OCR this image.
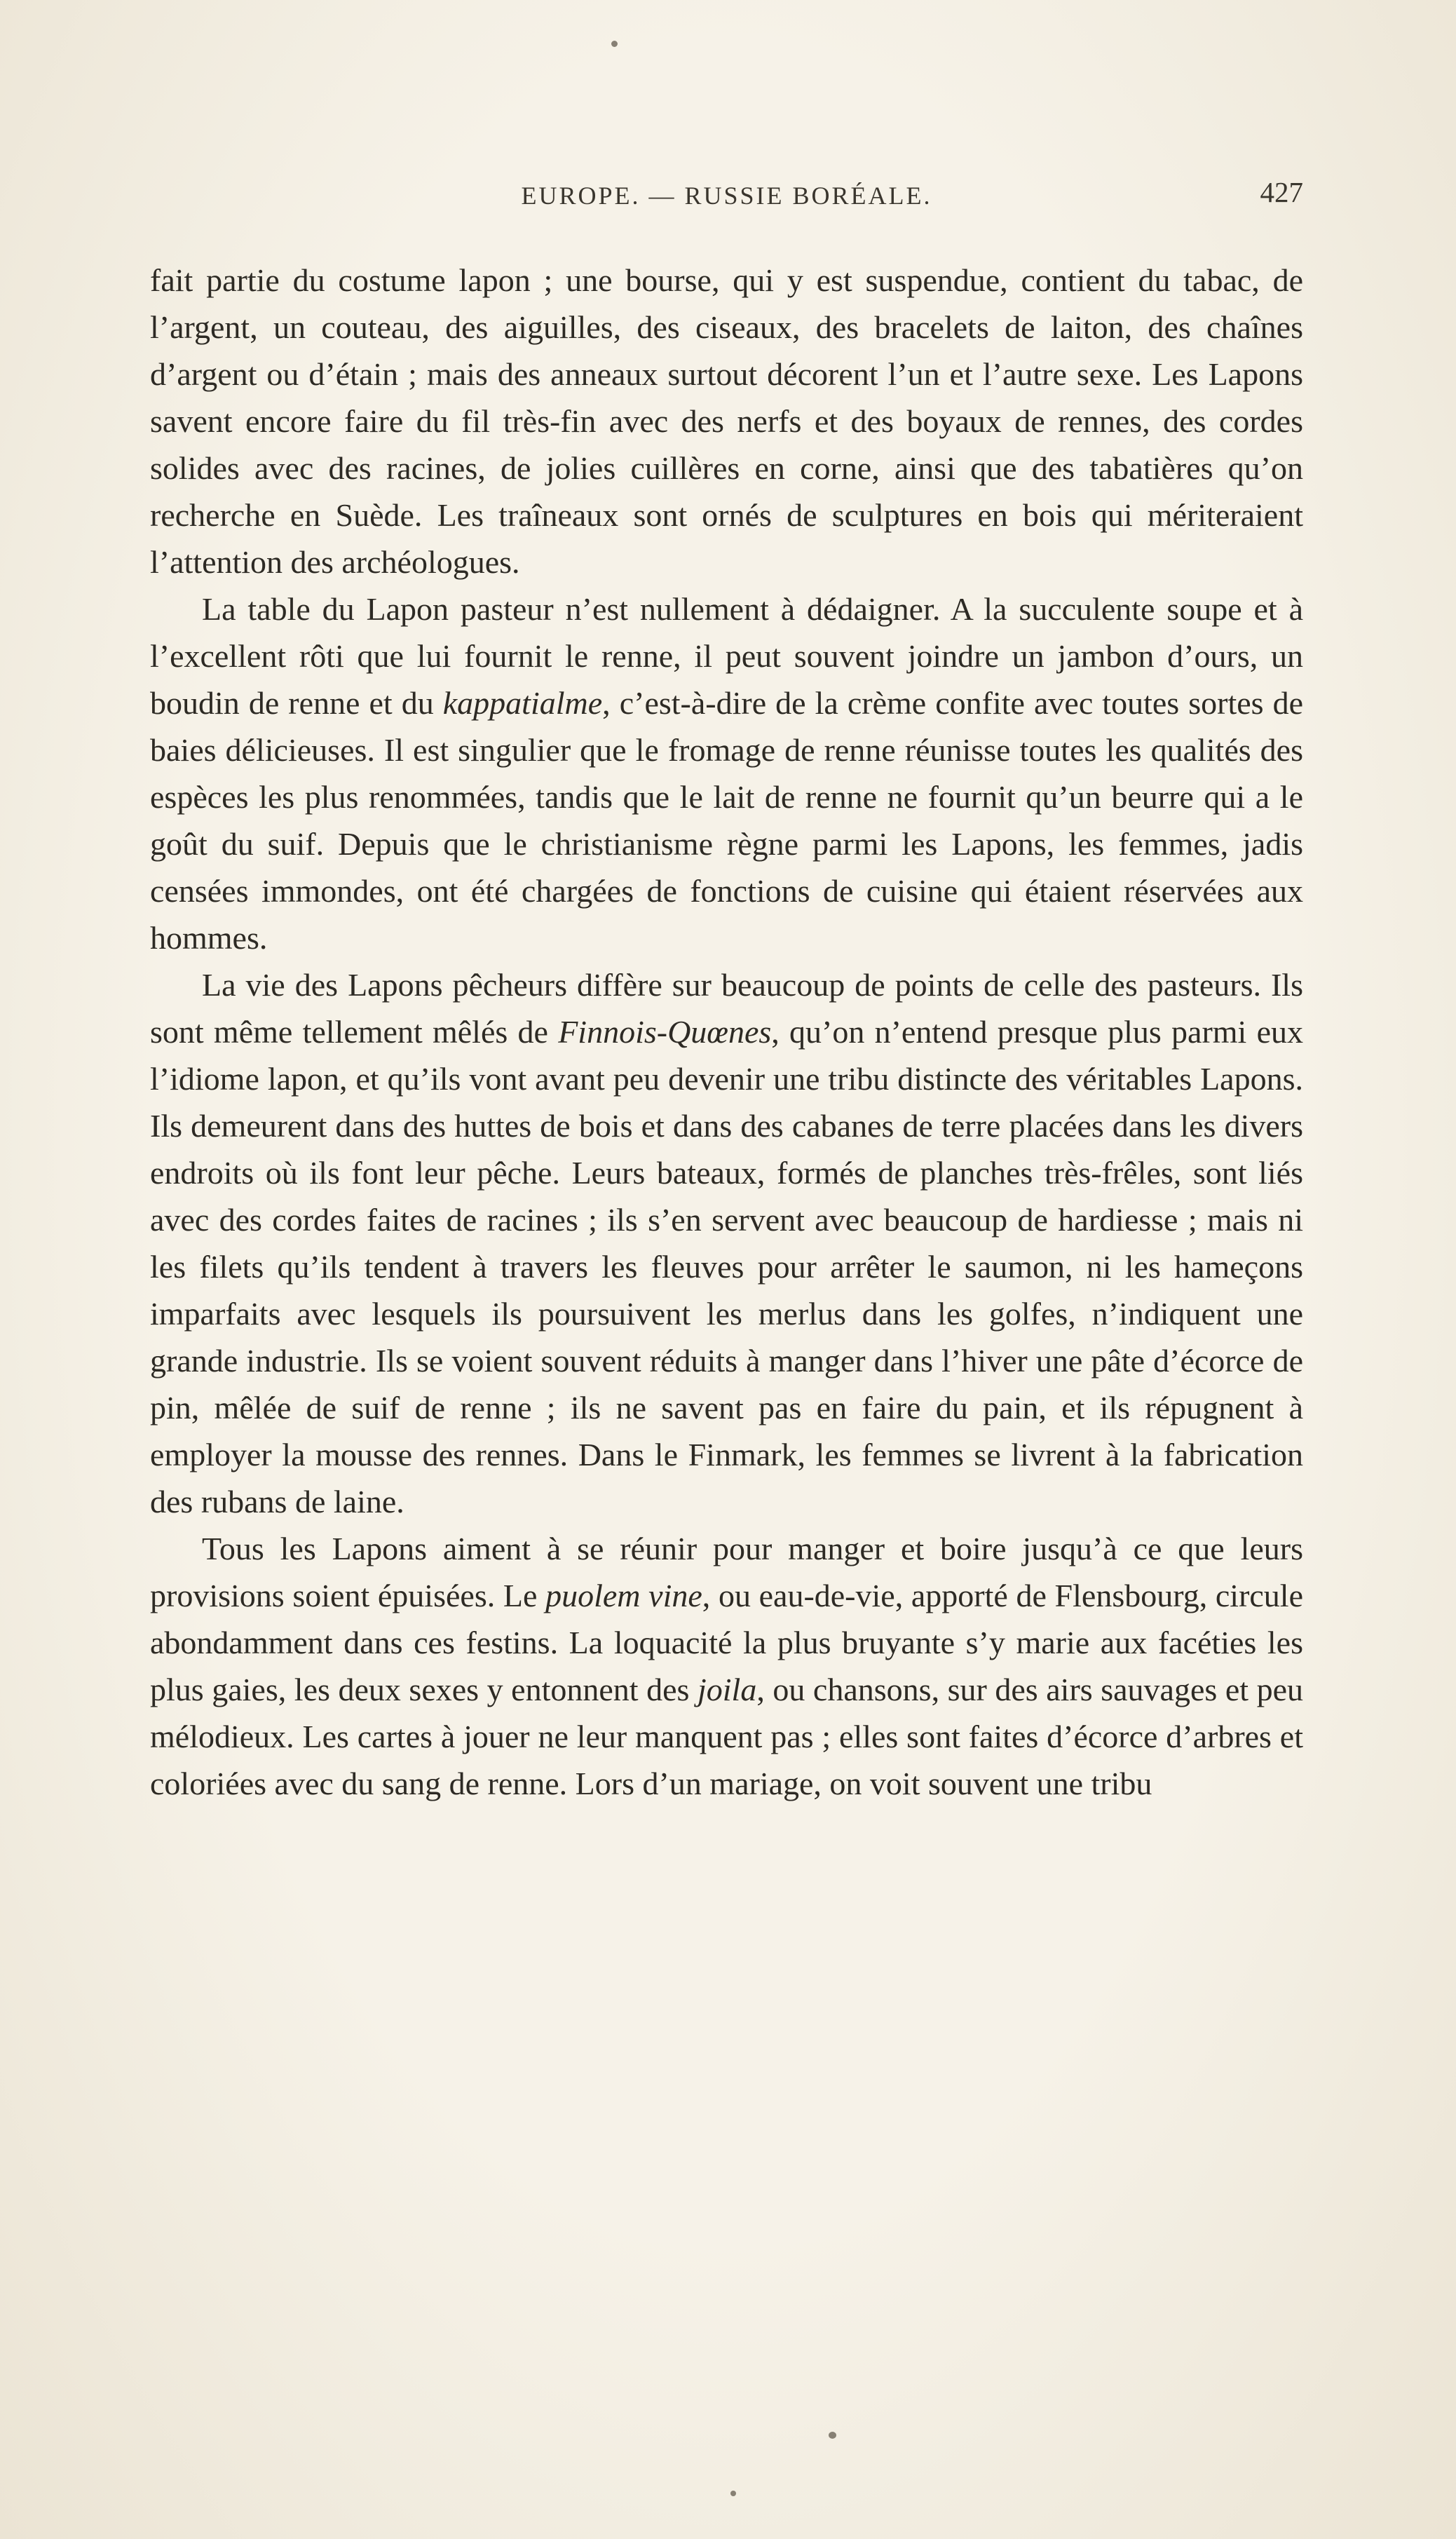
EUROPE. — RUSSIE BORÉALE.	427

fait partie du costume lapon ; une bourse, qui y est suspendue, contient du tabac, de l’argent, un couteau, des aiguilles, des ciseaux, des bracelets de laiton, des chaînes d’argent ou d’étain ; mais des anneaux surtout décorent l’un et l’autre sexe. Les Lapons savent encore faire du fil très-fin avec des nerfs et des boyaux de rennes, des cordes solides avec des racines, de jolies cuillères en corne, ainsi que des tabatières qu’on recherche en Suède. Les traîneaux sont ornés de sculptures en bois qui mériteraient l’attention des archéologues.

La table du Lapon pasteur n’est nullement à dédaigner. A la succulente soupe et à l’excellent rôti que lui fournit le renne, il peut souvent joindre un jambon d’ours, un boudin de renne et du kappatialme, c’est-à-dire de la crème confite avec toutes sortes de baies délicieuses. Il est singulier que le fromage de renne réunisse toutes les qualités des espèces les plus renommées, tandis que le lait de renne ne fournit qu’un beurre qui a le goût du suif. Depuis que le christianisme règne parmi les Lapons, les femmes, jadis censées immondes, ont été chargées de fonctions de cuisine qui étaient réservées aux hommes.

La vie des Lapons pêcheurs diffère sur beaucoup de points de celle des pasteurs. Ils sont même tellement mêlés de Finnois-Quœnes, qu’on n’entend presque plus parmi eux l’idiome lapon, et qu’ils vont avant peu devenir une tribu distincte des véritables Lapons. Ils demeurent dans des huttes de bois et dans des cabanes de terre placées dans les divers endroits où ils font leur pêche. Leurs bateaux, formés de planches très-frêles, sont liés avec des cordes faites de racines ; ils s’en servent avec beaucoup de hardiesse ; mais ni les filets qu’ils tendent à travers les fleuves pour arrêter le saumon, ni les hameçons imparfaits avec lesquels ils poursuivent les merlus dans les golfes, n’indiquent une grande industrie. Ils se voient souvent réduits à manger dans l’hiver une pâte d’écorce de pin, mêlée de suif de renne ; ils ne savent pas en faire du pain, et ils répugnent à employer la mousse des rennes. Dans le Finmark, les femmes se livrent à la fabrication des rubans de laine.

Tous les Lapons aiment à se réunir pour manger et boire jusqu’à ce que leurs provisions soient épuisées. Le puolem vine, ou eau-de-vie, apporté de Flensbourg, circule abondamment dans ces festins. La loquacité la plus bruyante s’y marie aux facéties les plus gaies, les deux sexes y entonnent des joila, ou chansons, sur des airs sauvages et peu mélodieux. Les cartes à jouer ne leur manquent pas ; elles sont faites d’écorce d’arbres et coloriées avec du sang de renne. Lors d’un mariage, on voit souvent une tribu
